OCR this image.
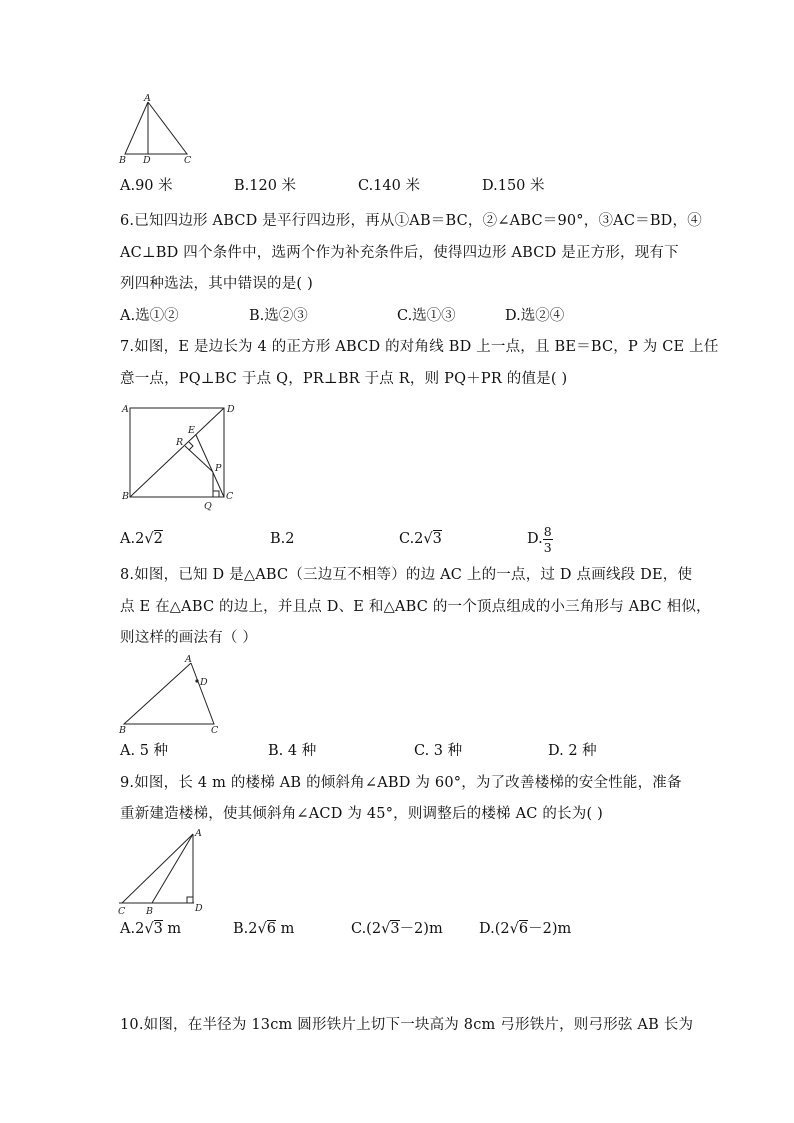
A
B D	C
A.90 米	B.120 米	C.140 米	D.150 米
6.已知四边形 ABCD 是平行四边形，再从①AB＝BC，②∠ABC＝90°，③AC＝BD，④
AC⊥BD 四个条件中，选两个作为补充条件后，使得四边形 ABCD 是正方形，现有下
列四种选法，其中错误的是( )
A.选①②	B.选②③	C.选①③	D.选②④
7.如图，E 是边长为 4 的正方形 ABCD 的对角线 BD 上一点，且 BE＝BC，P 为 CE 上任
意一点，PQ⊥BC 于点 Q，PR⊥BR 于点 R，则 PQ＋PR 的值是( )
A	D
E
R
P
B
Q
C
A.2√2	B.2	C.2√3	D. $\frac{8}{3}$
8.如图，已知 D 是△ABC（三边互不相等）的边 AC 上的一点，过 D 点画线段 DE，使
点 E 在△ABC 的边上，并且点 D、E 和△ABC 的一个顶点组成的小三角形与 ABC 相似，
则这样的画法有（ ）
A
D
B	C
A. 5 种	B. 4 种	C. 3 种	D. 2 种
9.如图，长 4 m 的楼梯 AB 的倾斜角∠ABD 为 60°，为了改善楼梯的安全性能，准备
重新建造楼梯，使其倾斜角∠ACD 为 45°，则调整后的楼梯 AC 的长为( )
A
C B	D
A.2√3 m	B.2√6 m	C.(2√3－2)m	D.(2√6－2)m
10.如图，在半径为 13cm 圆形铁片上切下一块高为 8cm 弓形铁片，则弓形弦 AB 长为
